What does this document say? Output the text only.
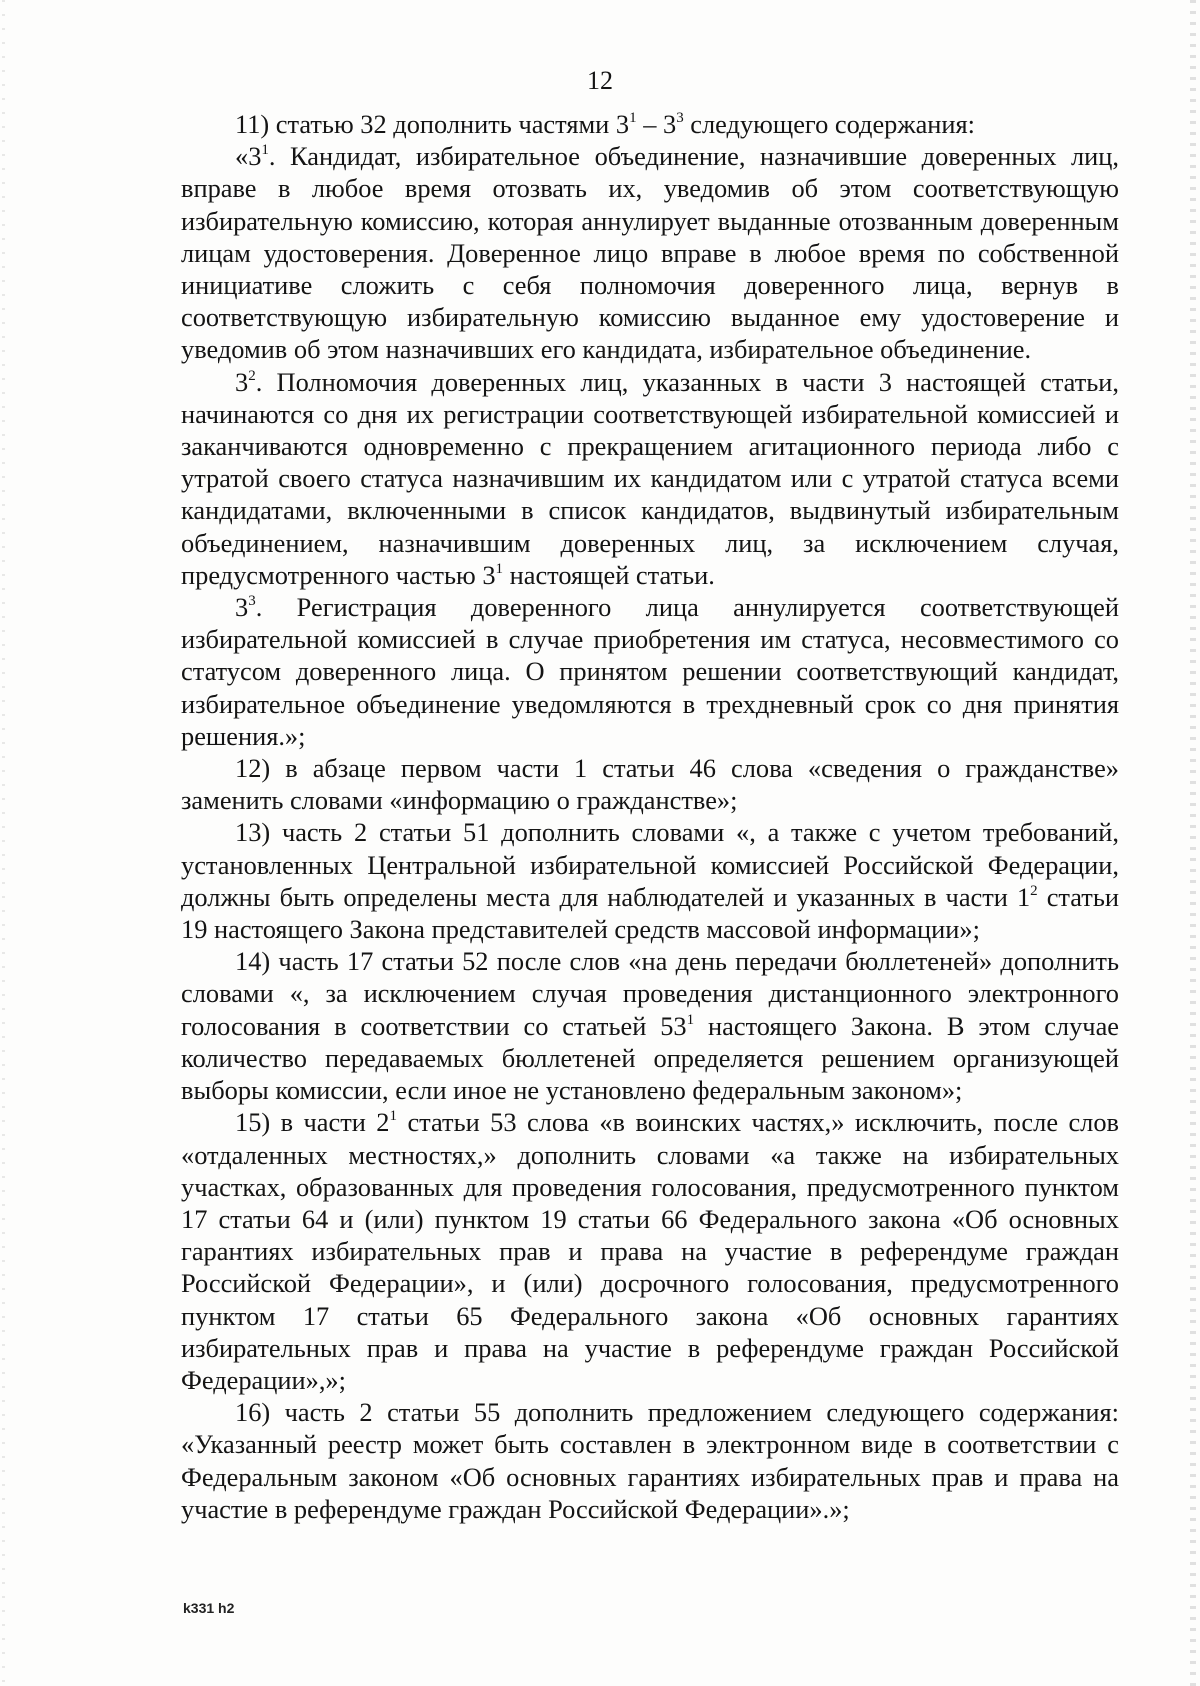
12

11) статью 32 дополнить частями $3^1 - 3^3$ следующего содержания:

«$3^1$. Кандидат, избирательное объединение, назначившие доверенных лиц, вправе в любое время отозвать их, уведомив об этом соответствующую избирательную комиссию, которая аннулирует выданные отозванным доверенным лицам удостоверения. Доверенное лицо вправе в любое время по собственной инициативе сложить с себя полномочия доверенного лица, вернув в соответствующую избирательную комиссию выданное ему удостоверение и уведомив об этом назначивших его кандидата, избирательное объединение.

$3^2$. Полномочия доверенных лиц, указанных в части 3 настоящей статьи, начинаются со дня их регистрации соответствующей избирательной комиссией и заканчиваются одновременно с прекращением агитационного периода либо с утратой своего статуса назначившим их кандидатом или с утратой статуса всеми кандидатами, включенными в список кандидатов, выдвинутый избирательным объединением, назначившим доверенных лиц, за исключением случая, предусмотренного частью $3^1$ настоящей статьи.

$3^3$. Регистрация доверенного лица аннулируется соответствующей избирательной комиссией в случае приобретения им статуса, несовместимого со статусом доверенного лица. О принятом решении соответствующий кандидат, избирательное объединение уведомляются в трехдневный срок со дня принятия решения.»;

12) в абзаце первом части 1 статьи 46 слова «сведения о гражданстве» заменить словами «информацию о гражданстве»;

13) часть 2 статьи 51 дополнить словами «, а также с учетом требований, установленных Центральной избирательной комиссией Российской Федерации, должны быть определены места для наблюдателей и указанных в части $1^2$ статьи 19 настоящего Закона представителей средств массовой информации»;

14) часть 17 статьи 52 после слов «на день передачи бюллетеней» дополнить словами «, за исключением случая проведения дистанционного электронного голосования в соответствии со статьей $53^1$ настоящего Закона. В этом случае количество передаваемых бюллетеней определяется решением организующей выборы комиссии, если иное не установлено федеральным законом»;

15) в части $2^1$ статьи 53 слова «в воинских частях,» исключить, после слов «отдаленных местностях,» дополнить словами «а также на избирательных участках, образованных для проведения голосования, предусмотренного пунктом 17 статьи 64 и (или) пунктом 19 статьи 66 Федерального закона «Об основных гарантиях избирательных прав и права на участие в референдуме граждан Российской Федерации», и (или) досрочного голосования, предусмотренного пунктом 17 статьи 65 Федерального закона «Об основных гарантиях избирательных прав и права на участие в референдуме граждан Российской Федерации»,»;

16) часть 2 статьи 55 дополнить предложением следующего содержания: «Указанный реестр может быть составлен в электронном виде в соответствии с Федеральным законом «Об основных гарантиях избирательных прав и права на участие в референдуме граждан Российской Федерации».»;

k331 h2
